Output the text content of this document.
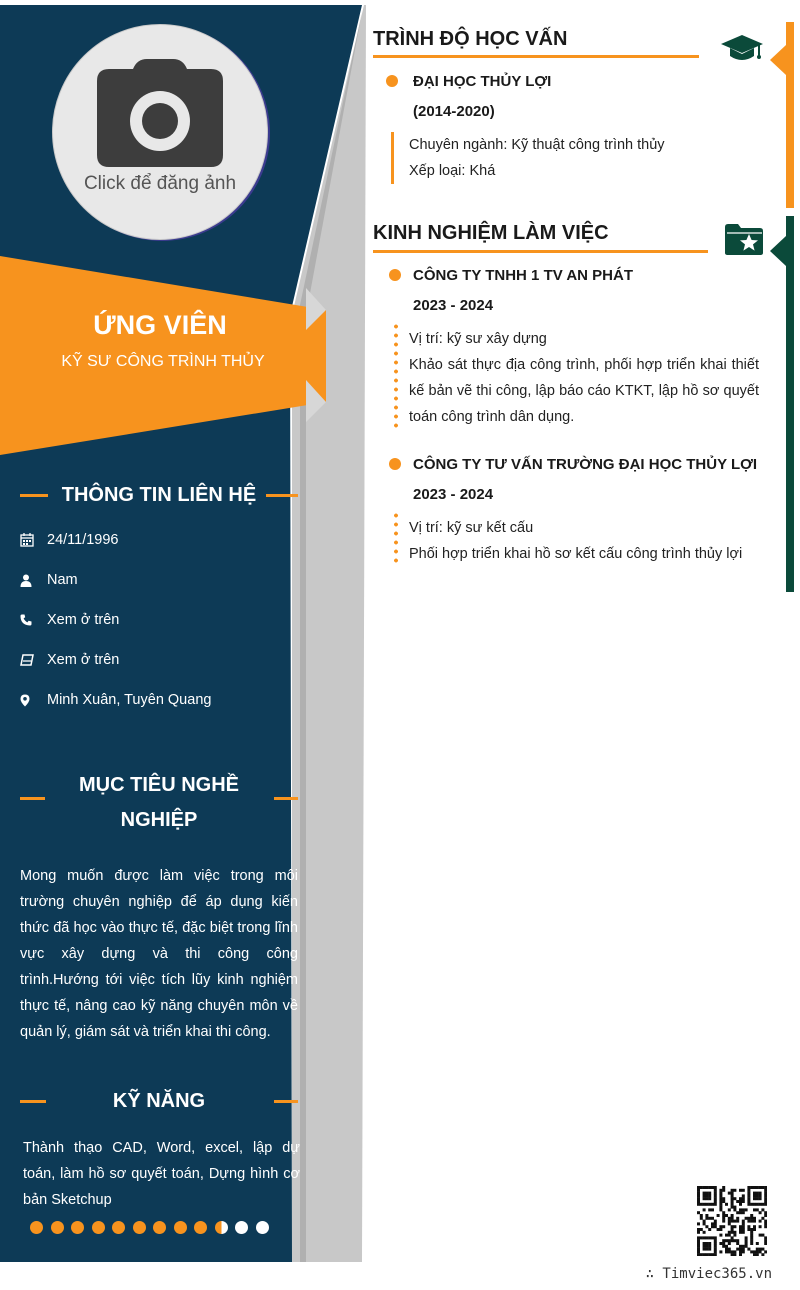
Click để đăng ảnh
ỨNG VIÊN
KỸ SƯ CÔNG TRÌNH THỦY
THÔNG TIN LIÊN HỆ
24/11/1996
Nam
Xem ở trên
Xem ở trên
Minh Xuân, Tuyên Quang
MỤC TIÊU NGHỀ
NGHIỆP
Mong muốn được làm việc trong môi trường chuyên nghiệp để áp dụng kiến thức đã học vào thực tế, đặc biệt trong lĩnh vực xây dựng và thi công công trình.Hướng tới việc tích lũy kinh nghiệm thực tế, nâng cao kỹ năng chuyên môn về quản lý, giám sát và triển khai thi công.
KỸ NĂNG
Thành thạo CAD, Word, excel, lập dự toán, làm hồ sơ quyết toán, Dựng hình cơ bản Sketchup
TRÌNH ĐỘ HỌC VẤN
ĐẠI HỌC THỦY LỢI
(2014-2020)
Chuyên ngành: Kỹ thuật công trình thủy
Xếp loại: Khá
KINH NGHIỆM LÀM VIỆC
CÔNG TY TNHH 1 TV AN PHÁT
2023 - 2024
Vị trí: kỹ sư xây dựng
Khảo sát thực địa công trình, phối hợp triển khai thiết kế bản vẽ thi công, lập báo cáo KTKT, lập hồ sơ quyết toán công trình dân dụng.
CÔNG TY TƯ VẤN TRƯỜNG ĐẠI HỌC THỦY LỢI
2023 - 2024
Vị trí: kỹ sư kết cấu
Phối hợp triển khai hồ sơ kết cấu công trình thủy lợi
∴ Timviec365.vn
